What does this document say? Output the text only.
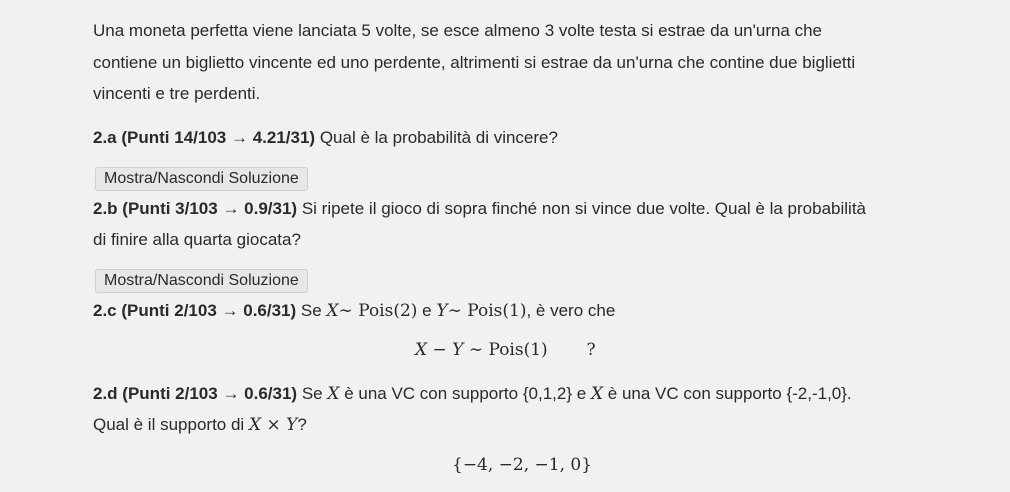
Una moneta perfetta viene lanciata 5 volte, se esce almeno 3 volte testa si estrae da un'urna che
contiene un biglietto vincente ed uno perdente, altrimenti si estrae da un'urna che contine due biglietti
vincenti e tre perdenti.
2.a (Punti 14/103 → 4.21/31) Qual è la probabilità di vincere?
Mostra/Nascondi Soluzione
2.b (Punti 3/103 → 0.9/31) Si ripete il gioco di sopra finché non si vince due volte. Qual è la probabilità
di finire alla quarta giocata?
Mostra/Nascondi Soluzione
2.c (Punti 2/103 → 0.6/31) Se X∼ Pois(2) e Y∼ Pois(1), è vero che
X − Y ∼ Pois(1) ?
2.d (Punti 2/103 → 0.6/31) Se X è una VC con supporto {0,1,2} e X è una VC con supporto {-2,-1,0}.
Qual è il supporto di X × Y?
{−4, −2, −1, 0}
